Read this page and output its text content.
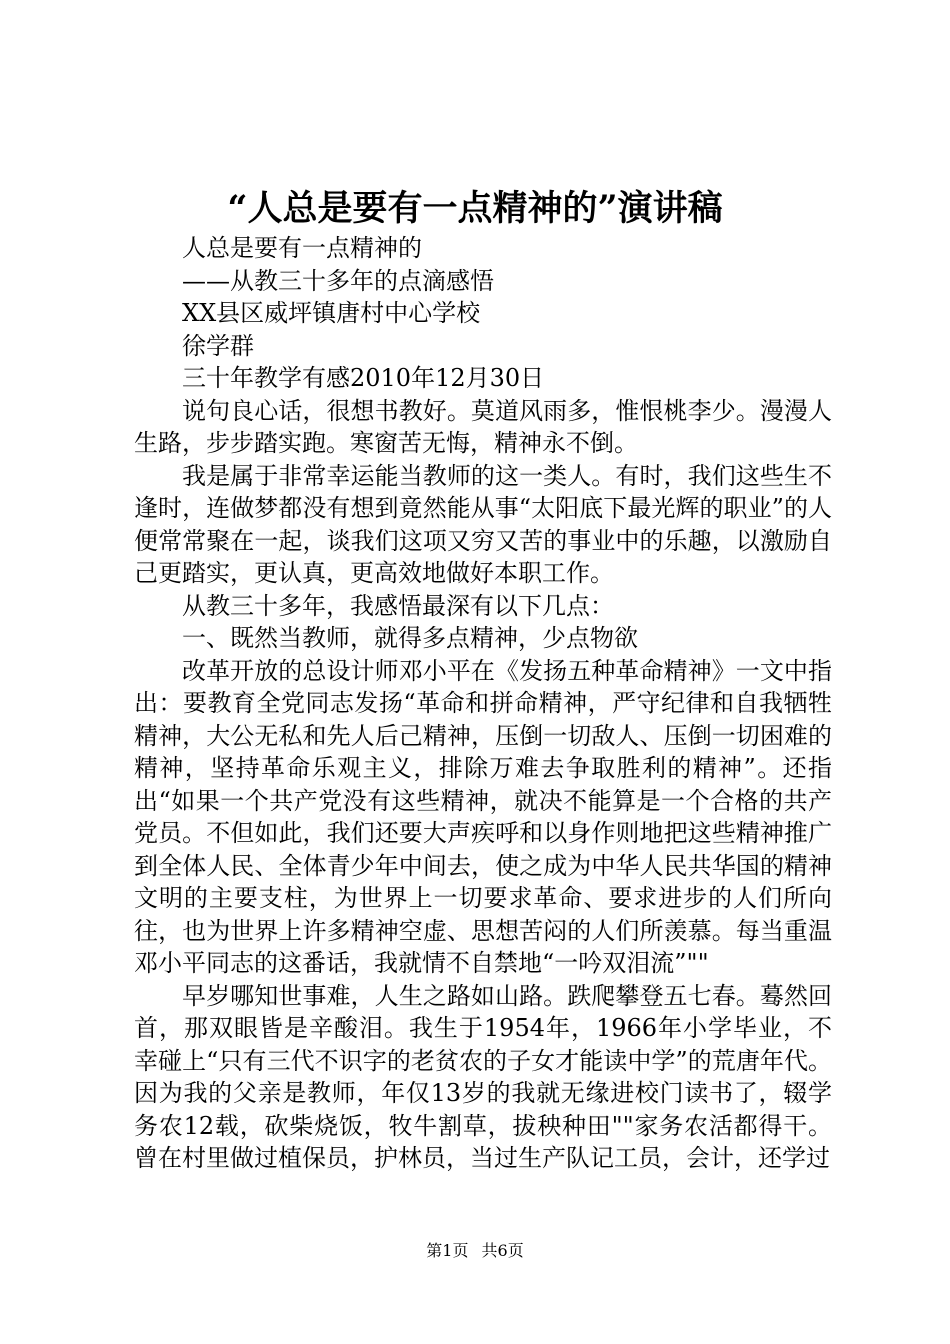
“人总是要有一点精神的”演讲稿

人总是要有一点精神的

——从教三十多年的点滴感悟

XX县区威坪镇唐村中心学校

徐学群

三十年教学有感2010年12月30日

说句良心话，很想书教好。莫道风雨多，惟恨桃李少。漫漫人生路，步步踏实跑。寒窗苦无悔，精神永不倒。

我是属于非常幸运能当教师的这一类人。有时，我们这些生不逢时，连做梦都没有想到竟然能从事“太阳底下最光辉的职业”的人便常常聚在一起，谈我们这项又穷又苦的事业中的乐趣，以激励自己更踏实，更认真，更高效地做好本职工作。

从教三十多年，我感悟最深有以下几点：

一、既然当教师，就得多点精神，少点物欲

改革开放的总设计师邓小平在《发扬五种革命精神》一文中指出：要教育全党同志发扬“革命和拼命精神，严守纪律和自我牺牲精神，大公无私和先人后己精神，压倒一切敌人、压倒一切困难的精神，坚持革命乐观主义，排除万难去争取胜利的精神”。还指出“如果一个共产党没有这些精神，就决不能算是一个合格的共产党员。不但如此，我们还要大声疾呼和以身作则地把这些精神推广到全体人民、全体青少年中间去，使之成为中华人民共华国的精神文明的主要支柱，为世界上一切要求革命、要求进步的人们所向往，也为世界上许多精神空虚、思想苦闷的人们所羡慕。每当重温邓小平同志的这番话，我就情不自禁地“一吟双泪流”""

早岁哪知世事难，人生之路如山路。跌爬攀登五七春。蓦然回首，那双眼皆是辛酸泪。我生于1954年，1966年小学毕业，不幸碰上“只有三代不识字的老贫农的子女才能读中学”的荒唐年代。因为我的父亲是教师，年仅13岁的我就无缘进校门读书了，辍学务农12载，砍柴烧饭，牧牛割草，拔秧种田""家务农活都得干。曾在村里做过植保员，护林员，当过生产队记工员，会计，还学过

第1页 共6页
